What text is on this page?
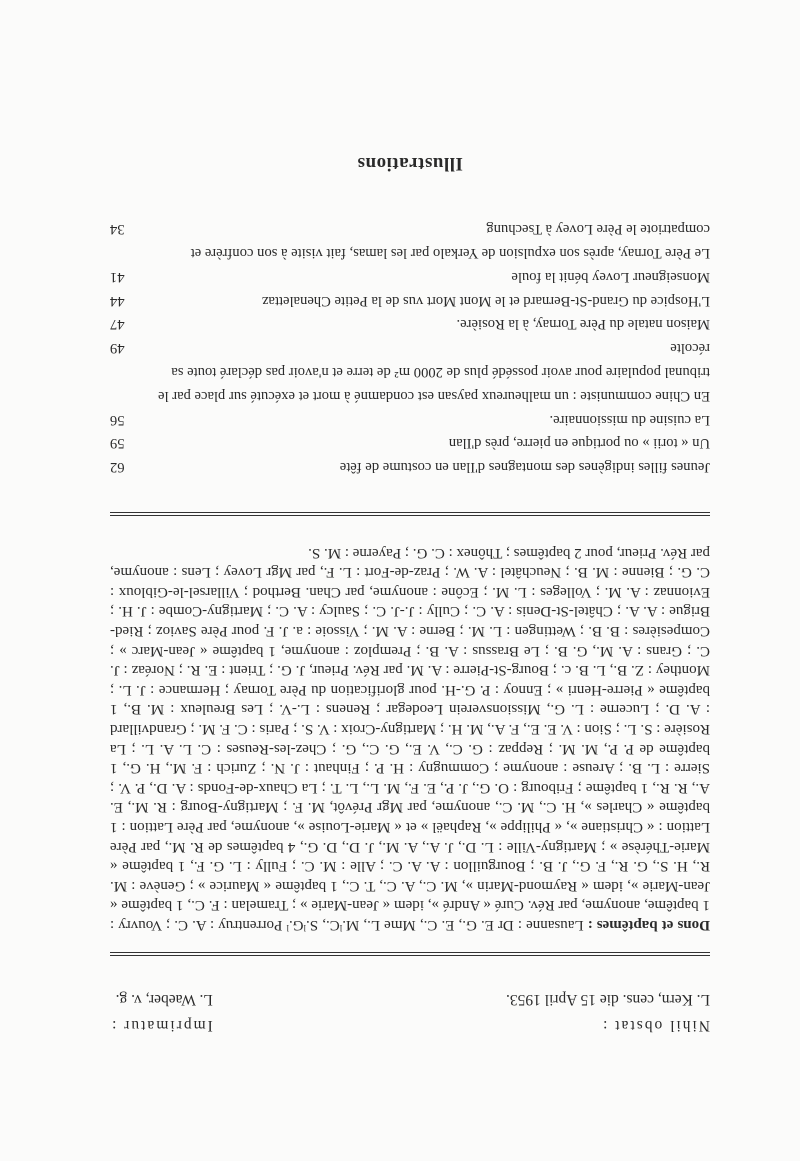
Nihil obstat :
L. Kern, cens. die 15 April 1953.
Imprimatur :
L. Waeber, v. g.

Dons et baptêmes : Lausanne : Dr E. G., E. C., Mme L., M.ˡC., S.ˡG.ˡ Porrentruy : A. C. ; Vouvry : 1 baptême, anonyme, par Rév. Curé « André », idem « Jean-Marie » ; Tramelan : F. C., 1 baptême « Jean-Marie », idem « Raymond-Marin », M. C., A. C., T. C., 1 baptême « Maurice » ; Genève : M. R., H. S., G. R., F. G., J. B. ; Bourguillon : A. A. C. ; Alle : M. C. ; Fully : L. G. F., 1 baptême « Marie-Thérèse » ; Martigny-Ville : L. D., J. A., A. M., J. D., D. G., 4 baptêmes de R. M., par Père Lattion : « Christiane », « Philippe », Raphaël » et « Marie-Louise », anonyme, par Père Lattion : 1 baptême « Charles », H. C., M. C., anonyme, par Mgr Prévôt, M. F. ; Martigny-Bourg : R. M., E. A., R. R., 1 baptême ; Fribourg : O. G., J. P., E. F., M. L., L. T. ; La Chaux-de-Fonds : A. D., P. V. ; Sierre : L. B. ; Areuse : anonyme ; Commugny : H. P. ; Finhaut : J. N. ; Zurich : F. M., H. G., 1 baptême de P. P., M. M. ; Reppaz : G. C., V. E., G. C., G. ; Chez-les-Reuses : C. L. A. L. ; La Rosière : S. L. ; Sion : V. E. E., F. A., M. H. ; Martigny-Croix : V. S. ; Paris : C. F. M. ; Grandvillard : A. D. ; Lucerne : L. G., Missionsverein Leodegar ; Renens : L.-V. ; Les Breuleux : M. B., 1 baptême « Pierre-Henri » ; Ennoy : P. G.-H. pour glorification du Père Tornay ; Hermance : J. L. ; Monthey : Z. B., L. B. c. ; Bourg-St-Pierre : A. M. par Rév. Prieur, J. G. ; Trient : E. R. ; Noréaz : J. C. ; Grans : A. M., G. B. ; Le Brassus : A. B. ; Premploz : anonyme, 1 baptême « Jean-Marc » ; Compesières : B. B. ; Wettingen : L. M. ; Berne : A. M. ; Vissoie : a. J. F. pour Père Savioz ; Ried-Brigue : A. A. ; Châtel-St-Denis : A. C. ; Cully : J.-J. C. ; Saulcy : A. C. ; Martigny-Combe : J. H. ; Evionnaz : A. M. ; Volleges : L. M. ; Ecône : anonyme, par Chan. Berthod ; Villarsel-le-Gibloux : C. G. ; Bienne : M. B. ; Neuchâtel : A. W. ; Praz-de-Fort : L. F., par Mgr Lovey ; Lens : anonyme, par Rév. Prieur, pour 2 baptêmes ; Thônex : C. G. ; Payerne : M. S.

Jeunes filles indigènes des montagnes d'Ilan en costume de fête
62
Un « torii » ou portique en pierre, près d'Ilan
59
La cuisine du missionnaire.
56
En Chine communiste : un malheureux paysan est condamné à mort et exécuté sur place par le tribunal populaire pour avoir possédé plus de 2000 m² de terre et n'avoir pas déclaré toute sa récolte
49
Maison natale du Père Tornay, à la Rosière.
47
L'Hospice du Grand-St-Bernard et le Mont Mort vus de la Petite Chenalettaz
44
Monseigneur Lovey bénit la foule
41
Le Père Tornay, après son expulsion de Yerkalo par les lamas, fait visite à son confrère et compatriote le Père Lovey à Tsechung
34
Illustrations
